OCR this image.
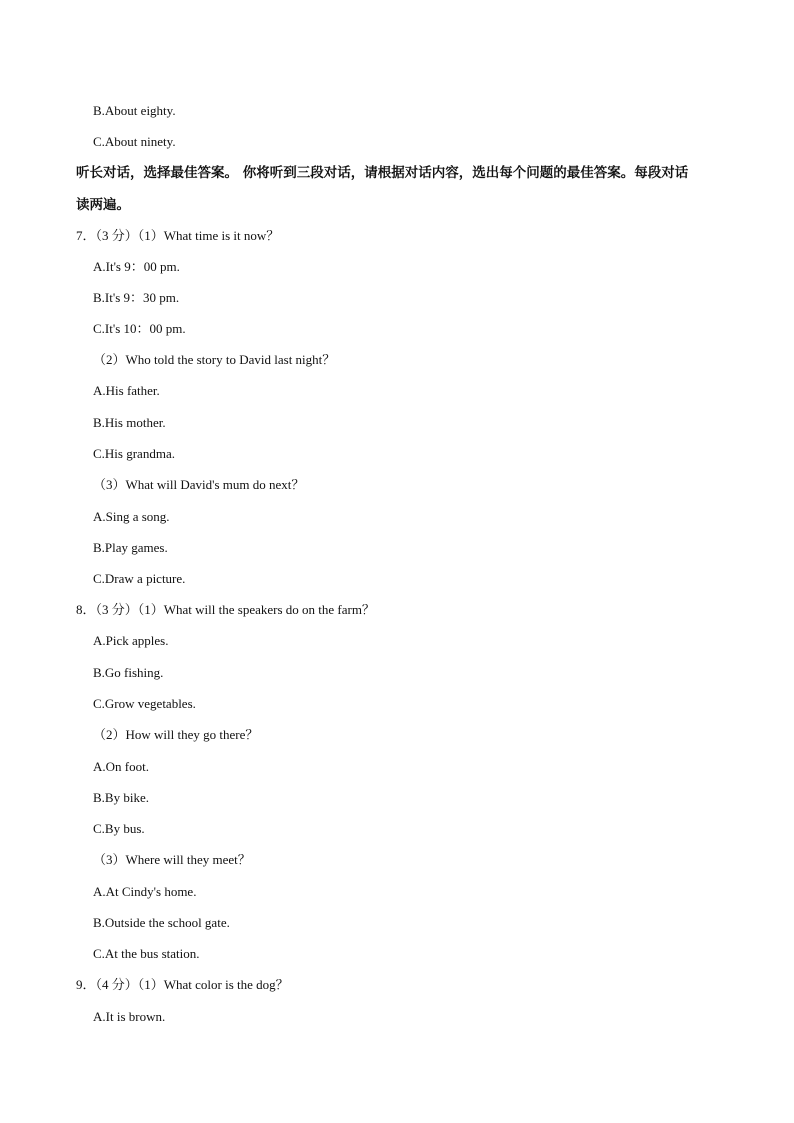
B.About eighty.
C.About ninety.
听长对话，选择最佳答案。 你将听到三段对话，请根据对话内容，选出每个问题的最佳答案。每段对话
读两遍。
7．（3 分）（1）What time is it now？
A.It's 9：00 pm.
B.It's 9：30 pm.
C.It's 10：00 pm.
（2）Who told the story to David last night？
A.His father.
B.His mother.
C.His grandma.
（3）What will David's mum do next？
A.Sing a song.
B.Play games.
C.Draw a picture.
8．（3 分）（1）What will the speakers do on the farm？
A.Pick apples.
B.Go fishing.
C.Grow vegetables.
（2）How will they go there？
A.On foot.
B.By bike.
C.By bus.
（3）Where will they meet？
A.At Cindy's home.
B.Outside the school gate.
C.At the bus station.
9．（4 分）（1）What color is the dog？
A.It is brown.
